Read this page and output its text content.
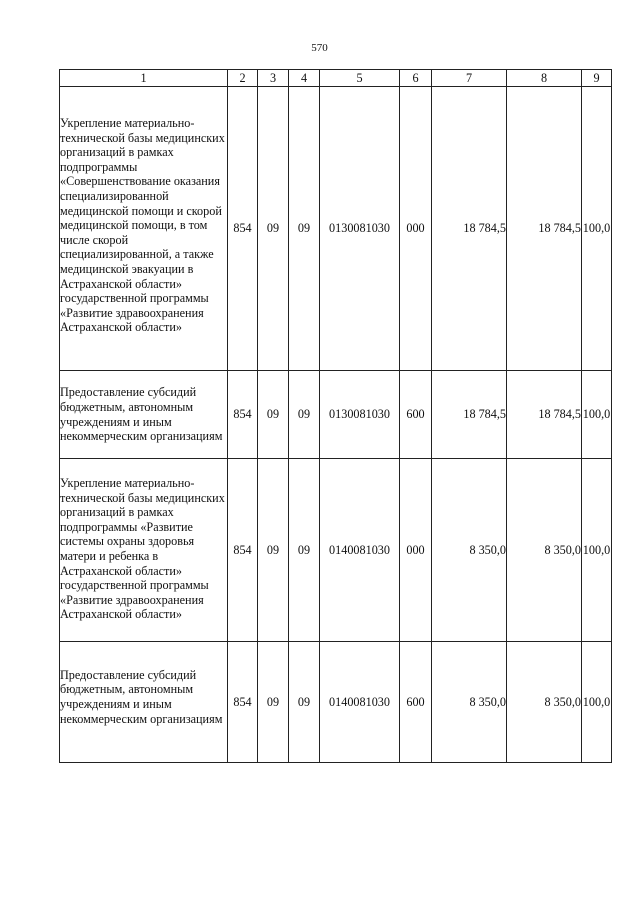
570
1	2	3	4	5	6	7	8	9

Укрепление материально-технической базы медицинских организаций в рамках подпрограммы «Совершенствование оказания специализированной медицинской помощи и скорой медицинской помощи, в том числе скорой специализированной, а также медицинской эвакуации в Астраханской области» государственной программы «Развитие здравоохранения Астраханской области»	854	09	09	0130081030	000	18 784,5	18 784,5	100,0

Предоставление субсидий бюджетным, автономным учреждениям и иным некоммерческим организациям	854	09	09	0130081030	600	18 784,5	18 784,5	100,0

Укрепление материально-технической базы медицинских организаций в рамках подпрограммы «Развитие системы охраны здоровья матери и ребенка в Астраханской области» государственной программы «Развитие здравоохранения Астраханской области»	854	09	09	0140081030	000	8 350,0	8 350,0	100,0

Предоставление субсидий бюджетным, автономным учреждениям и иным некоммерческим организациям	854	09	09	0140081030	600	8 350,0	8 350,0	100,0
